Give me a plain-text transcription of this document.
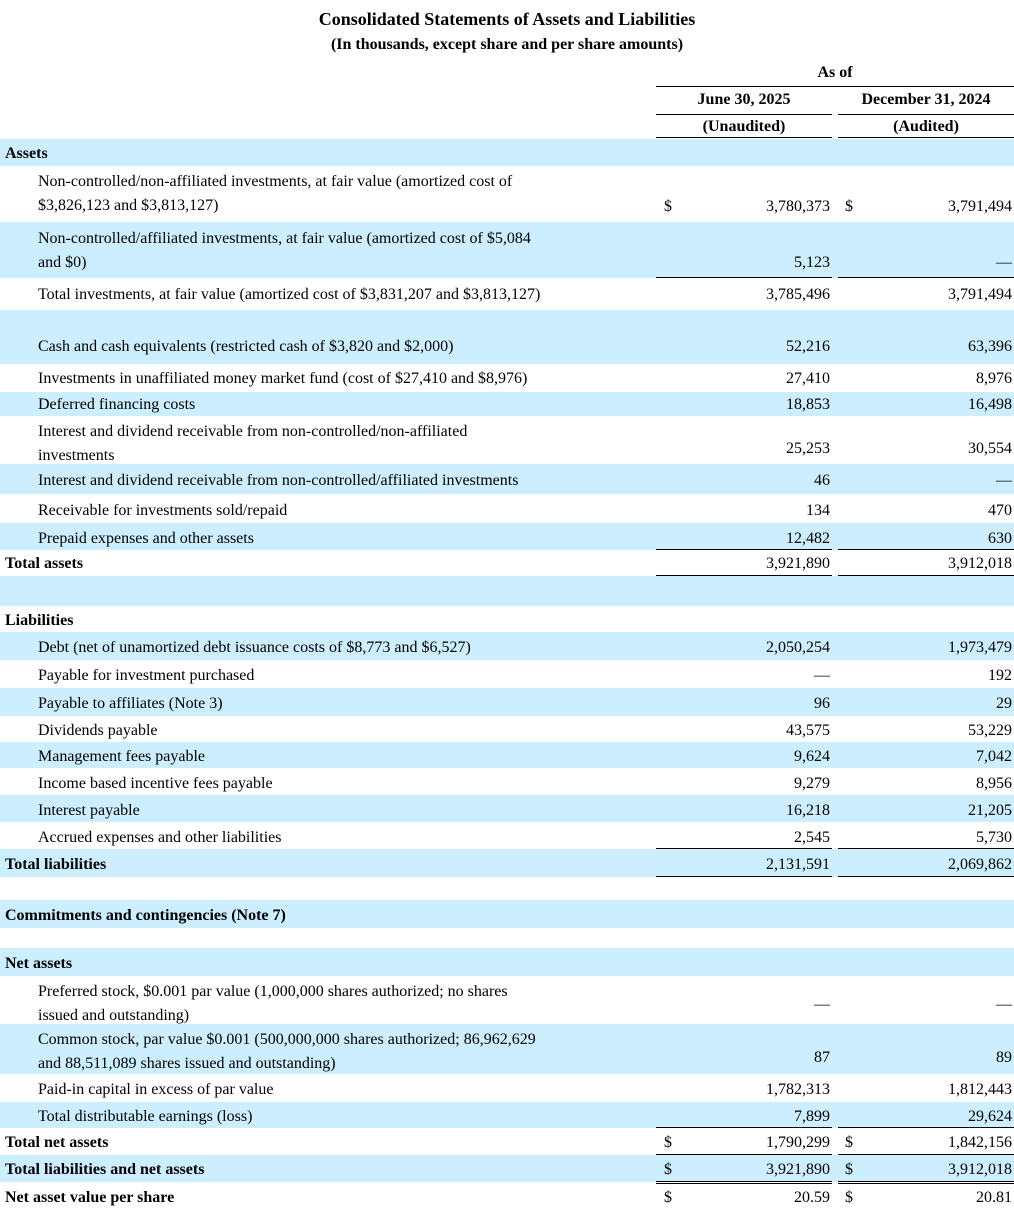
Consolidated Statements of Assets and Liabilities
(In thousands, except share and per share amounts)
As of
June 30, 2025	December 31, 2024
(Unaudited)	(Audited)
Assets
Non-controlled/non-affiliated investments, at fair value (amortized cost of
$3,826,123 and $3,813,127)	3,780,373	3,791,494
$	$
Non-controlled/affiliated investments, at fair value (amortized cost of $5,084
and $0)	5,123	—
Total investments, at fair value (amortized cost of $3,831,207 and $3,813,127)	3,785,496	3,791,494
Cash and cash equivalents (restricted cash of $3,820 and $2,000)	52,216	63,396
Investments in unaffiliated money market fund (cost of $27,410 and $8,976)	27,410	8,976
Deferred financing costs	18,853	16,498
Interest and dividend receivable from non-controlled/non-affiliated
investments	25,253	30,554
Interest and dividend receivable from non-controlled/affiliated investments	46	—
Receivable for investments sold/repaid	134	470
Prepaid expenses and other assets	12,482	630
Total assets	3,921,890	3,912,018
Liabilities
Debt (net of unamortized debt issuance costs of $8,773 and $6,527)	2,050,254	1,973,479
Payable for investment purchased	—	192
Payable to affiliates (Note 3)	96	29
Dividends payable	43,575	53,229
Management fees payable	9,624	7,042
Income based incentive fees payable	9,279	8,956
Interest payable	16,218	21,205
Accrued expenses and other liabilities	2,545	5,730
Total liabilities	2,131,591	2,069,862
Commitments and contingencies (Note 7)
Net assets
Preferred stock, $0.001 par value (1,000,000 shares authorized; no shares
issued and outstanding)
—	—
Common stock, par value $0.001 (500,000,000 shares authorized; 86,962,629
and 88,511,089 shares issued and outstanding)	87	89
Paid-in capital in excess of par value	1,782,313	1,812,443
Total distributable earnings (loss)	7,899	29,624
Total net assets	1,790,299	1,842,156
$	$
Total liabilities and net assets	3,921,890	3,912,018
$	$
Net asset value per share	20.59	20.81
$	$
